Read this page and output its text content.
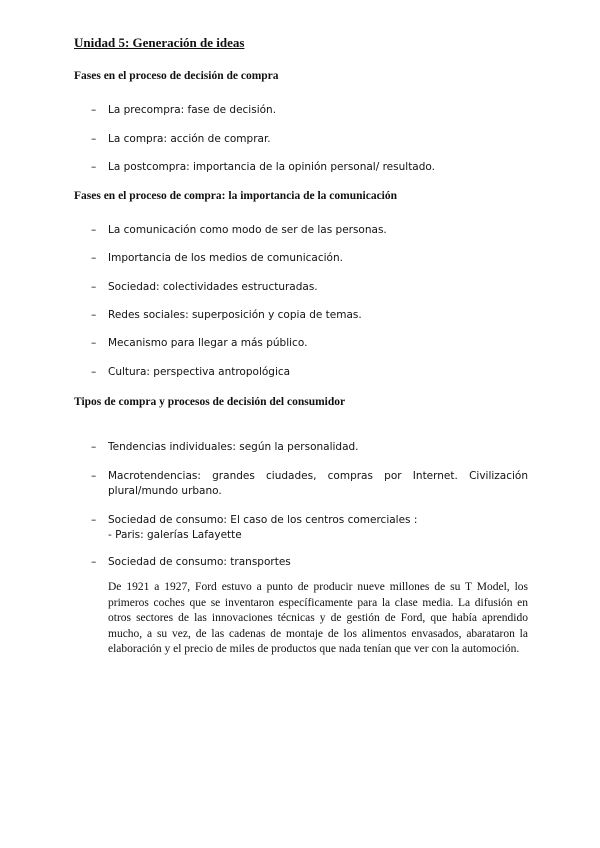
Unidad 5: Generación de ideas
Fases en el proceso de decisión de compra
– La precompra: fase de decisión.
– La compra: acción de comprar.
– La postcompra: importancia de la opinión personal/ resultado.
Fases en el proceso de compra: la importancia de la comunicación
– La comunicación como modo de ser de las personas.
– Importancia de los medios de comunicación.
– Sociedad: colectividades estructuradas.
– Redes sociales: superposición y copia de temas.
– Mecanismo para llegar a más público.
– Cultura: perspectiva antropológica
Tipos de compra y procesos de decisión del consumidor
– Tendencias individuales: según la personalidad.
– Macrotendencias: grandes ciudades, compras por Internet. Civilización plural/mundo urbano.
– Sociedad de consumo: El caso de los centros comerciales :
- Paris: galerías Lafayette
– Sociedad de consumo: transportes
De 1921 a 1927, Ford estuvo a punto de producir nueve millones de su T Model, los primeros coches que se inventaron específicamente para la clase media. La difusión en otros sectores de las innovaciones técnicas y de gestión de Ford, que había aprendido mucho, a su vez, de las cadenas de montaje de los alimentos envasados, abarataron la elaboración y el precio de miles de productos que nada tenían que ver con la automoción.
